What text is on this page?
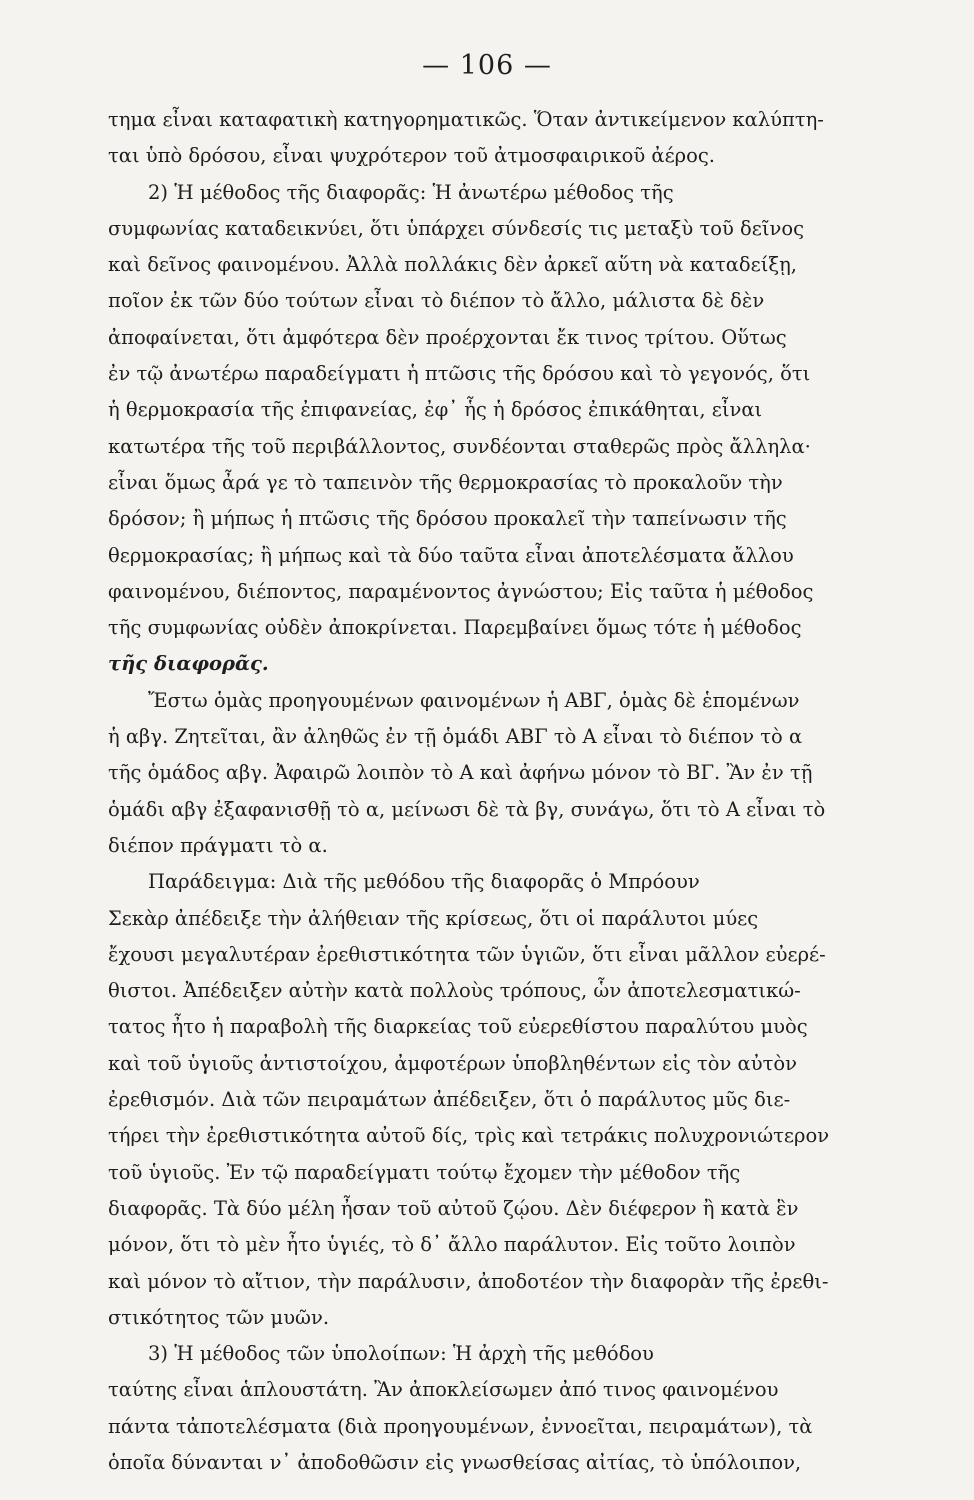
— 106 —
τημα εἶναι καταφατικὴ κατηγορηματικῶς. Ὅταν ἀντικείμενον καλύπτη-
ται ὑπὸ δρόσου, εἶναι ψυχρότερον τοῦ ἀτμοσφαιρικοῦ ἀέρος.
2) Ἡ μέθοδος τῆς διαφορᾶς: Ἡ ἀνωτέρω μέθοδος τῆς
συμφωνίας καταδεικνύει, ὅτι ὑπάρχει σύνδεσίς τις μεταξὺ τοῦ δεῖνος
καὶ δεῖνος φαινομένου. Ἀλλὰ πολλάκις δὲν ἀρκεῖ αὕτη νὰ καταδείξῃ,
ποῖον ἐκ τῶν δύο τούτων εἶναι τὸ διέπον τὸ ἄλλο, μάλιστα δὲ δὲν
ἀποφαίνεται, ὅτι ἀμφότερα δὲν προέρχονται ἔκ τινος τρίτου. Οὕτως
ἐν τῷ ἀνωτέρω παραδείγματι ἡ πτῶσις τῆς δρόσου καὶ τὸ γεγονός, ὅτι
ἡ θερμοκρασία τῆς ἐπιφανείας, ἐφ᾽ ἧς ἡ δρόσος ἐπικάθηται, εἶναι
κατωτέρα τῆς τοῦ περιβάλλοντος, συνδέονται σταθερῶς πρὸς ἄλληλα·
εἶναι ὅμως ἆρά γε τὸ ταπεινὸν τῆς θερμοκρασίας τὸ προκαλοῦν τὴν
δρόσον; ἢ μήπως ἡ πτῶσις τῆς δρόσου προκαλεῖ τὴν ταπείνωσιν τῆς
θερμοκρασίας; ἢ μήπως καὶ τὰ δύο ταῦτα εἶναι ἀποτελέσματα ἄλλου
φαινομένου, διέποντος, παραμένοντος ἀγνώστου; Εἰς ταῦτα ἡ μέθοδος
τῆς συμφωνίας οὐδὲν ἀποκρίνεται. Παρεμβαίνει ὅμως τότε ἡ μέθοδος
τῆς διαφορᾶς.
Ἔστω ὁμὰς προηγουμένων φαινομένων ἡ ΑΒΓ, ὁμὰς δὲ ἑπομένων
ἡ αβγ. Ζητεῖται, ἂν ἀληθῶς ἐν τῇ ὁμάδι ΑΒΓ τὸ Α εἶναι τὸ διέπον τὸ α
τῆς ὁμάδος αβγ. Ἀφαιρῶ λοιπὸν τὸ Α καὶ ἀφήνω μόνον τὸ ΒΓ. Ἂν ἐν τῇ
ὁμάδι αβγ ἐξαφανισθῇ τὸ α, μείνωσι δὲ τὰ βγ, συνάγω, ὅτι τὸ Α εἶναι τὸ
διέπον πράγματι τὸ α.
Παράδειγμα: Διὰ τῆς μεθόδου τῆς διαφορᾶς ὁ Μπρόουν
Σεκὰρ ἀπέδειξε τὴν ἀλήθειαν τῆς κρίσεως, ὅτι οἱ παράλυτοι μύες
ἔχουσι μεγαλυτέραν ἐρεθιστικότητα τῶν ὑγιῶν, ὅτι εἶναι μᾶλλον εὐερέ-
θιστοι. Ἀπέδειξεν αὐτὴν κατὰ πολλοὺς τρόπους, ὧν ἀποτελεσματικώ-
τατος ἦτο ἡ παραβολὴ τῆς διαρκείας τοῦ εὐερεθίστου παραλύτου μυὸς
καὶ τοῦ ὑγιοῦς ἀντιστοίχου, ἀμφοτέρων ὑποβληθέντων εἰς τὸν αὐτὸν
ἐρεθισμόν. Διὰ τῶν πειραμάτων ἀπέδειξεν, ὅτι ὁ παράλυτος μῦς διε-
τήρει τὴν ἐρεθιστικότητα αὐτοῦ δίς, τρὶς καὶ τετράκις πολυχρονιώτερον
τοῦ ὑγιοῦς. Ἐν τῷ παραδείγματι τούτῳ ἔχομεν τὴν μέθοδον τῆς
διαφορᾶς. Τὰ δύο μέλη ἦσαν τοῦ αὐτοῦ ζῴου. Δὲν διέφερον ἢ κατὰ ἓν
μόνον, ὅτι τὸ μὲν ἦτο ὑγιές, τὸ δ᾽ ἄλλο παράλυτον. Εἰς τοῦτο λοιπὸν
καὶ μόνον τὸ αἴτιον, τὴν παράλυσιν, ἀποδοτέον τὴν διαφορὰν τῆς ἐρεθι-
στικότητος τῶν μυῶν.
3) Ἡ μέθοδος τῶν ὑπολοίπων: Ἡ ἀρχὴ τῆς μεθόδου
ταύτης εἶναι ἁπλουστάτη. Ἂν ἀποκλείσωμεν ἀπό τινος φαινομένου
πάντα τἀποτελέσματα (διὰ προηγουμένων, ἐννοεῖται, πειραμάτων), τὰ
ὁποῖα δύνανται ν᾽ ἀποδοθῶσιν εἰς γνωσθείσας αἰτίας, τὸ ὑπόλοιπον,
